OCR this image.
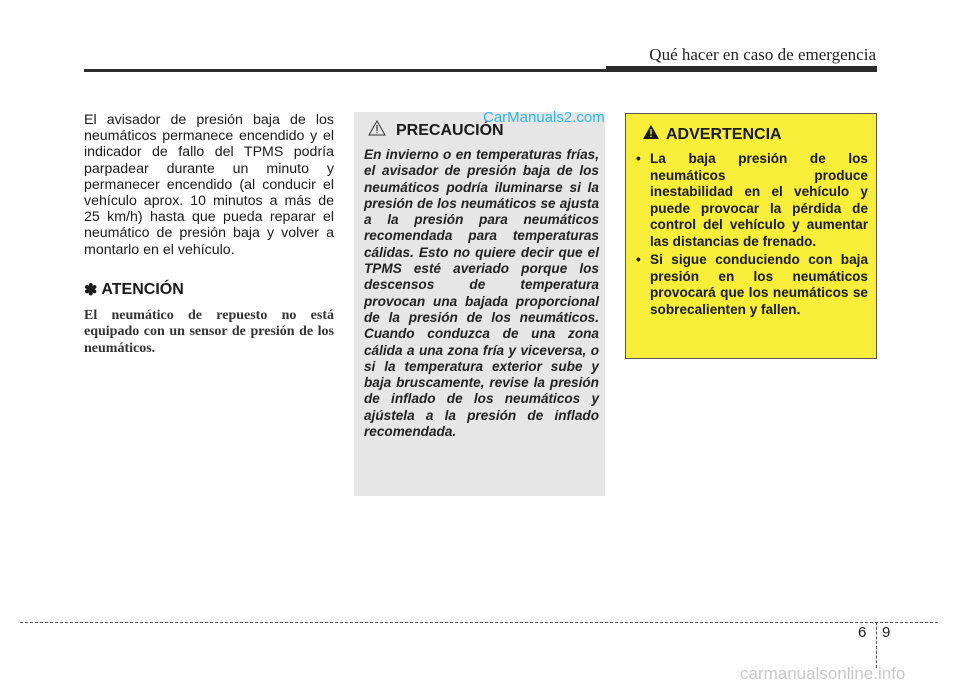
Qué hacer en caso de emergencia
El avisador de presión baja de los neumáticos permanece encendido y el indicador de fallo del TPMS podría parpadear durante un minuto y permanecer encendido (al conducir el vehículo aprox. 10 minutos a más de 25 km/h) hasta que pueda reparar el neumático de presión baja y volver a montarlo en el vehículo.
✽ ATENCIÓN
El neumático de repuesto no está equipado con un sensor de presión de los neumáticos.
PRECAUCIÓN
En invierno o en temperaturas frías, el avisador de presión baja de los neumáticos podría iluminarse si la presión de los neumáticos se ajusta a la presión para neumáticos recomendada para temperaturas cálidas. Esto no quiere decir que el TPMS esté averiado porque los descensos de temperatura provocan una bajada proporcional de la presión de los neumáticos. Cuando conduzca de una zona cálida a una zona fría y viceversa, o si la temperatura exterior sube y baja bruscamente, revise la presión de inflado de los neumáticos y ajústela a la presión de inflado recomendada.
CarManuals2.com
ADVERTENCIA
• La baja presión de los neumáticos produce inestabilidad en el vehículo y puede provocar la pérdida de control del vehículo y aumentar las distancias de frenado.
• Si sigue conduciendo con baja presión en los neumáticos provocará que los neumáticos se sobrecalienten y fallen.
6 9
carmanualsonline.info
